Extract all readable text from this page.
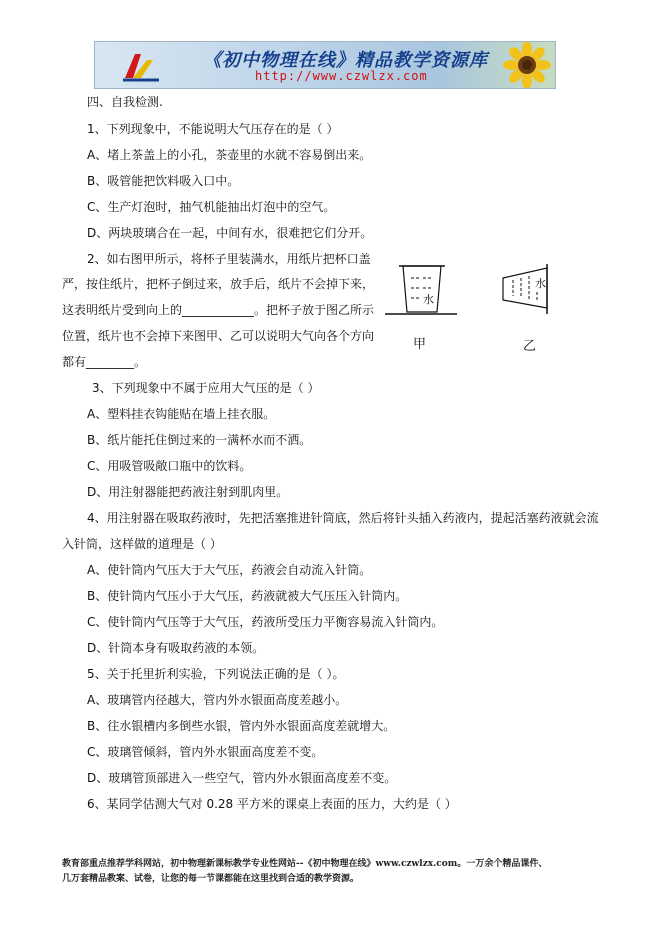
《初中物理在线》精品教学资源库
http://www.czwlzx.com
四、自我检测.
1、下列现象中，不能说明大气压存在的是（ ）
A、堵上茶盖上的小孔，茶壶里的水就不容易倒出来。
B、吸管能把饮料吸入口中。
C、生产灯泡时，抽气机能抽出灯泡中的空气。
D、两块玻璃合在一起，中间有水，很难把它们分开。
2、如右图甲所示，将杯子里装满水，用纸片把杯口盖
严，按住纸片，把杯子倒过来，放手后，纸片不会掉下来，
这表明纸片受到向上的____________。把杯子放于图乙所示
位置，纸片也不会掉下来图甲、乙可以说明大气向各个方向
都有________。
3、下列现象中不属于应用大气压的是（ ）
A、塑料挂衣钩能贴在墙上挂衣服。
B、纸片能托住倒过来的一满杯水而不洒。
C、用吸管吸敞口瓶中的饮料。
D、用注射器能把药液注射到肌肉里。
4、用注射器在吸取药液时，先把活塞推进针筒底，然后将针头插入药液内，提起活塞药液就会流
入针筒，这样做的道理是（ ）
A、使针筒内气压大于大气压，药液会自动流入针筒。
B、使针筒内气压小于大气压，药液就被大气压压入针筒内。
C、使针筒内气压等于大气压，药液所受压力平衡容易流入针筒内。
D、针筒本身有吸取药液的本领。
5、关于托里折利实验，下列说法正确的是（ ）。
A、玻璃管内径越大，管内外水银面高度差越小。
B、往水银槽内多倒些水银，管内外水银面高度差就增大。
C、玻璃管倾斜，管内外水银面高度差不变。
D、玻璃管顶部进入一些空气，管内外水银面高度差不变。
6、某同学估测大气对 0.28 平方米的课桌上表面的压力，大约是（ ）
水
甲
水
乙
教育部重点推荐学科网站，初中物理新课标教学专业性网站--《初中物理在线》www.czwlzx.com。一万余个精品课件、
几万套精品教案、试卷，让您的每一节课都能在这里找到合适的教学资源。
